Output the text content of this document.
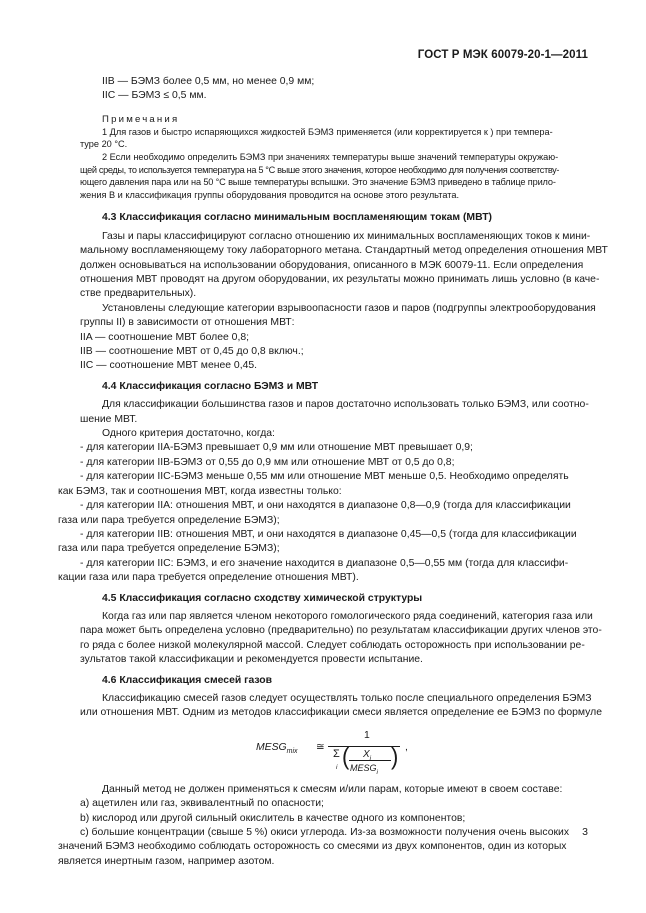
ГОСТ Р МЭК 60079-20-1—2011
IIB — БЭМЗ более 0,5 мм, но менее 0,9 мм;
IIC — БЭМЗ ≤ 0,5 мм.
Примечания
1 Для газов и быстро испаряющихся жидкостей БЭМЗ применяется (или корректируется к ) при темпера-
туре 20 °С.
2 Если необходимо определить БЭМЗ при значениях температуры выше значений температуры окружаю-
щей среды, то используется температура на 5 °С выше этого значения, которое необходимо для получения соответству-
ющего давления пара или на 50 °С выше температуры вспышки. Это значение БЭМЗ приведено в таблице прило-
жения В и классификация группы оборудования проводится на основе этого результата.
4.3 Классификация согласно минимальным воспламеняющим токам (МВТ)
Газы и пары классифицируют согласно отношению их минимальных воспламеняющих токов к мини-
мальному воспламеняющему току лабораторного метана. Стандартный метод определения отношения МВТ
должен основываться на использовании оборудования, описанного в МЭК 60079-11. Если определения
отношения МВТ проводят на другом оборудовании, их результаты можно принимать лишь условно (в каче-
стве предварительных).
Установлены следующие категории взрывоопасности газов и паров (подгруппы электрооборудования
группы II) в зависимости от отношения МВТ:
IIA — соотношение МВТ более 0,8;
IIB — соотношение МВТ от 0,45 до 0,8 включ.;
IIC — соотношение МВТ менее 0,45.
4.4 Классификация согласно БЭМЗ и МВТ
Для классификации большинства газов и паров достаточно использовать только БЭМЗ, или соотно-
шение МВТ.
Одного критерия достаточно, когда:
- для категории IIA-БЭМЗ превышает 0,9 мм или отношение МВТ превышает 0,9;
- для категории IIB-БЭМЗ от 0,55 до 0,9 мм или отношение МВТ от 0,5 до 0,8;
- для категории IIC-БЭМЗ меньше 0,55 мм или отношение МВТ меньше 0,5. Необходимо определять
как БЭМЗ, так и соотношения МВТ, когда известны только:
- для категории IIA: отношения МВТ, и они находятся в диапазоне 0,8—0,9 (тогда для классификации
газа или пара требуется определение БЭМЗ);
- для категории IIB: отношения МВТ, и они находятся в диапазоне 0,45—0,5 (тогда для классификации
газа или пара требуется определение БЭМЗ);
- для категории IIC: БЭМЗ, и его значение находится в диапазоне 0,5—0,55 мм (тогда для классифи-
кации газа или пара требуется определение отношения МВТ).
4.5 Классификация согласно сходству химической структуры
Когда газ или пар является членом некоторого гомологического ряда соединений, категория газа или
пара может быть определена условно (предварительно) по результатам классификации других членов это-
го ряда с более низкой молекулярной массой. Следует соблюдать осторожность при использовании ре-
зультатов такой классификации и рекомендуется провести испытание.
4.6 Классификация смесей газов
Классификацию смесей газов следует осуществлять только после специального определения БЭМЗ
или отношения МВТ. Одним из методов классификации смеси является определение ее БЭМЗ по формуле
$MESG_{mix}$ ≅
1
Σ
i ( $X_i$
$MESG_i$
) ,
Данный метод не должен применяться к смесям и/или парам, которые имеют в своем составе:
a) ацетилен или газ, эквивалентный по опасности;
b) кислород или другой сильный окислитель в качестве одного из компонентов;
c) большие концентрации (свыше 5 %) окиси углерода. Из-за возможности получения очень высоких
значений БЭМЗ необходимо соблюдать осторожность со смесями из двух компонентов, один из которых
является инертным газом, например азотом.
3
